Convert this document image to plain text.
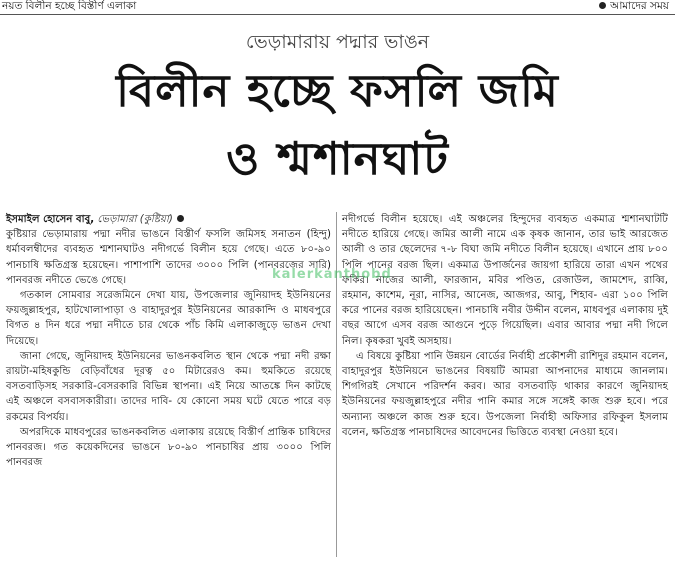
নয়ত বিলীন হচ্ছে বিস্তীর্ণ এলাকা	আমাদের সময়
ভেড়ামারায় পদ্মার ভাঙন
বিলীন হচ্ছে ফসলি জমি
ও শ্মশানঘাট

ইসমাইল হোসেন বাবু, ভেড়ামারা (কুষ্টিয়া)
কুষ্টিয়ার ভেড়ামারায় পদ্মা নদীর ভাঙনে বিস্তীর্ণ ফসলি জমিসহ সনাতন (হিন্দু) ধর্মাবলম্বীদের ব্যবহৃত শ্মশানঘাটও নদীগর্ভে বিলীন হয়ে গেছে। এতে ৮০-৯০ পানচাষি ক্ষতিগ্রস্ত হয়েছেন। পাশাপাশি তাদের ৩০০০ পিলি (পানবরজের সারি) পানবরজ নদীতে ভেঙে গেছে।

গতকাল সোমবার সরেজমিনে দেখা যায়, উপজেলার জুনিয়াদহ ইউনিয়নের ফয়জুল্লাহপুর, হাটখোলাপাড়া ও বাহাদুরপুর ইউনিয়নের আরকান্দি ও মাধবপুরে বিগত ৪ দিন ধরে পদ্মা নদীতে চার থেকে পাঁচ কিমি এলাকাজুড়ে ভাঙন দেখা দিয়েছে।

জানা গেছে, জুনিয়াদহ ইউনিয়নের ভাঙনকবলিত স্থান থেকে পদ্মা নদী রক্ষা রায়টা-মহিষকুন্ডি বেড়িবাঁধের দূরত্ব ৫০ মিটারেরও কম। হুমকিতে রয়েছে বসতবাড়িসহ সরকারি-বেসরকারি বিভিন্ন স্থাপনা। এই নিয়ে আতঙ্কে দিন কাটছে এই অঞ্চলে বসবাসকারীরা। তাদের দাবি- যে কোনো সময় ঘটে যেতে পারে বড় রকমের বিপর্যয়।

অপরদিকে মাধবপুরের ভাঙনকবলিত এলাকায় রয়েছে বিস্তীর্ণ প্রান্তিক চাষিদের পানবরজ। গত কয়েকদিনের ভাঙনে ৮০-৯০ পানচাষির প্রায় ৩০০০ পিলি পানবরজ

নদীগর্ভে বিলীন হয়েছে। এই অঞ্চলের হিন্দুদের ব্যবহৃত একমাত্র শ্মশানঘাটটি নদীতে হারিয়ে গেছে। জমির আলী নামে এক কৃষক জানান, তার ভাই আরজেত আলী ও তার ছেলেদের ৭-৮ বিঘা জমি নদীতে বিলীন হয়েছে। এখানে প্রায় ৮০০ পিলি পানের বরজ ছিল। একমাত্র উপার্জনের জায়গা হারিয়ে তারা এখন পথের ফকির। নাজের আলী, ফারজান, মবির পণ্ডিত, রেজাউল, জামশেদ, রাব্বি, রহমান, কাশেম, নূরা, নাসির, আনেজ, আজগর, আবু, শিহাব- এরা ১০০ পিলি করে পানের বরজ হারিয়েছেন। পানচাষি নবীর উদ্দীন বলেন, মাধবপুর এলাকায় দুই বছর আগে এসব বরজ আগুনে পুড়ে গিয়েছিল। এবার আবার পদ্মা নদী গিলে নিল। কৃষকরা খুবই অসহায়।

এ বিষয়ে কুষ্টিয়া পানি উন্নয়ন বোর্ডের নির্বাহী প্রকৌশলী রাশিদুর রহমান বলেন, বাহাদুরপুর ইউনিয়নে ভাঙনের বিষয়টি আমরা আপনাদের মাধ্যমে জানলাম। শিগগিরই সেখানে পরিদর্শন করব। আর বসতবাড়ি থাকার কারণে জুনিয়াদহ ইউনিয়নের ফয়জুল্লাহপুরে নদীর পানি কমার সঙ্গে সঙ্গেই কাজ শুরু হবে। পরে অন্যান্য অঞ্চলে কাজ শুরু হবে। উপজেলা নির্বাহী অফিসার রফিকুল ইসলাম বলেন, ক্ষতিগ্রস্ত পানচাষিদের আবেদনের ভিত্তিতে ব্যবস্থা নেওয়া হবে।

kalerkanthobd
